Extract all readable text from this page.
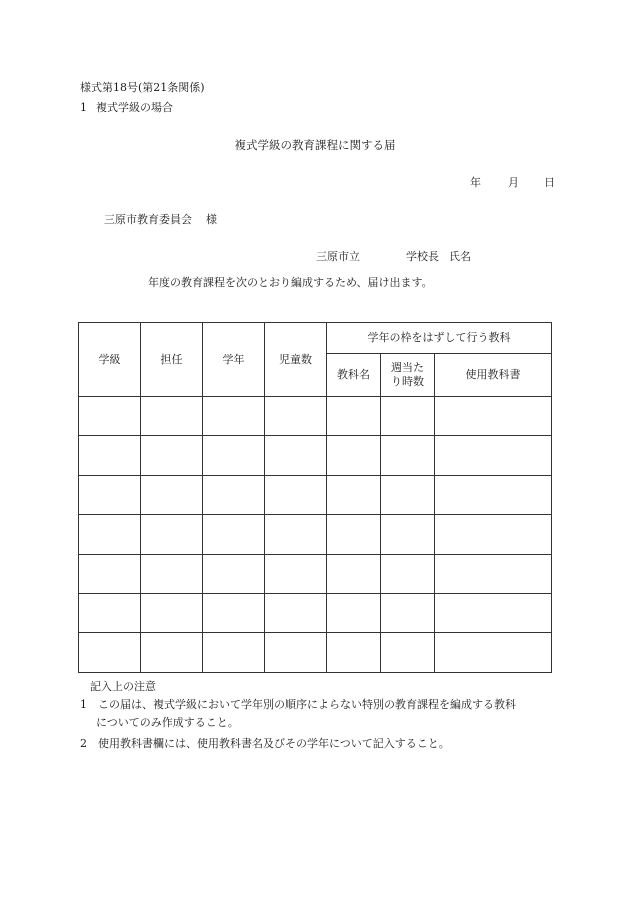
様式第18号(第21条関係)
1 複式学級の場合
複式学級の教育課程に関する届
年 月 日
三原市教育委員会 様
三原市立	学校長 氏名
年度の教育課程を次のとおり編成するため、届け出ます。
学級	担任	学年	児童数	学年の枠をはずして行う教科		
				教科名	週当た
り時数	使用教科書

記入上の注意
1 この届は、複式学級において学年別の順序によらない特別の教育課程を編成する教科
についてのみ作成すること。
2 使用教科書欄には、使用教科書名及びその学年について記入すること。
